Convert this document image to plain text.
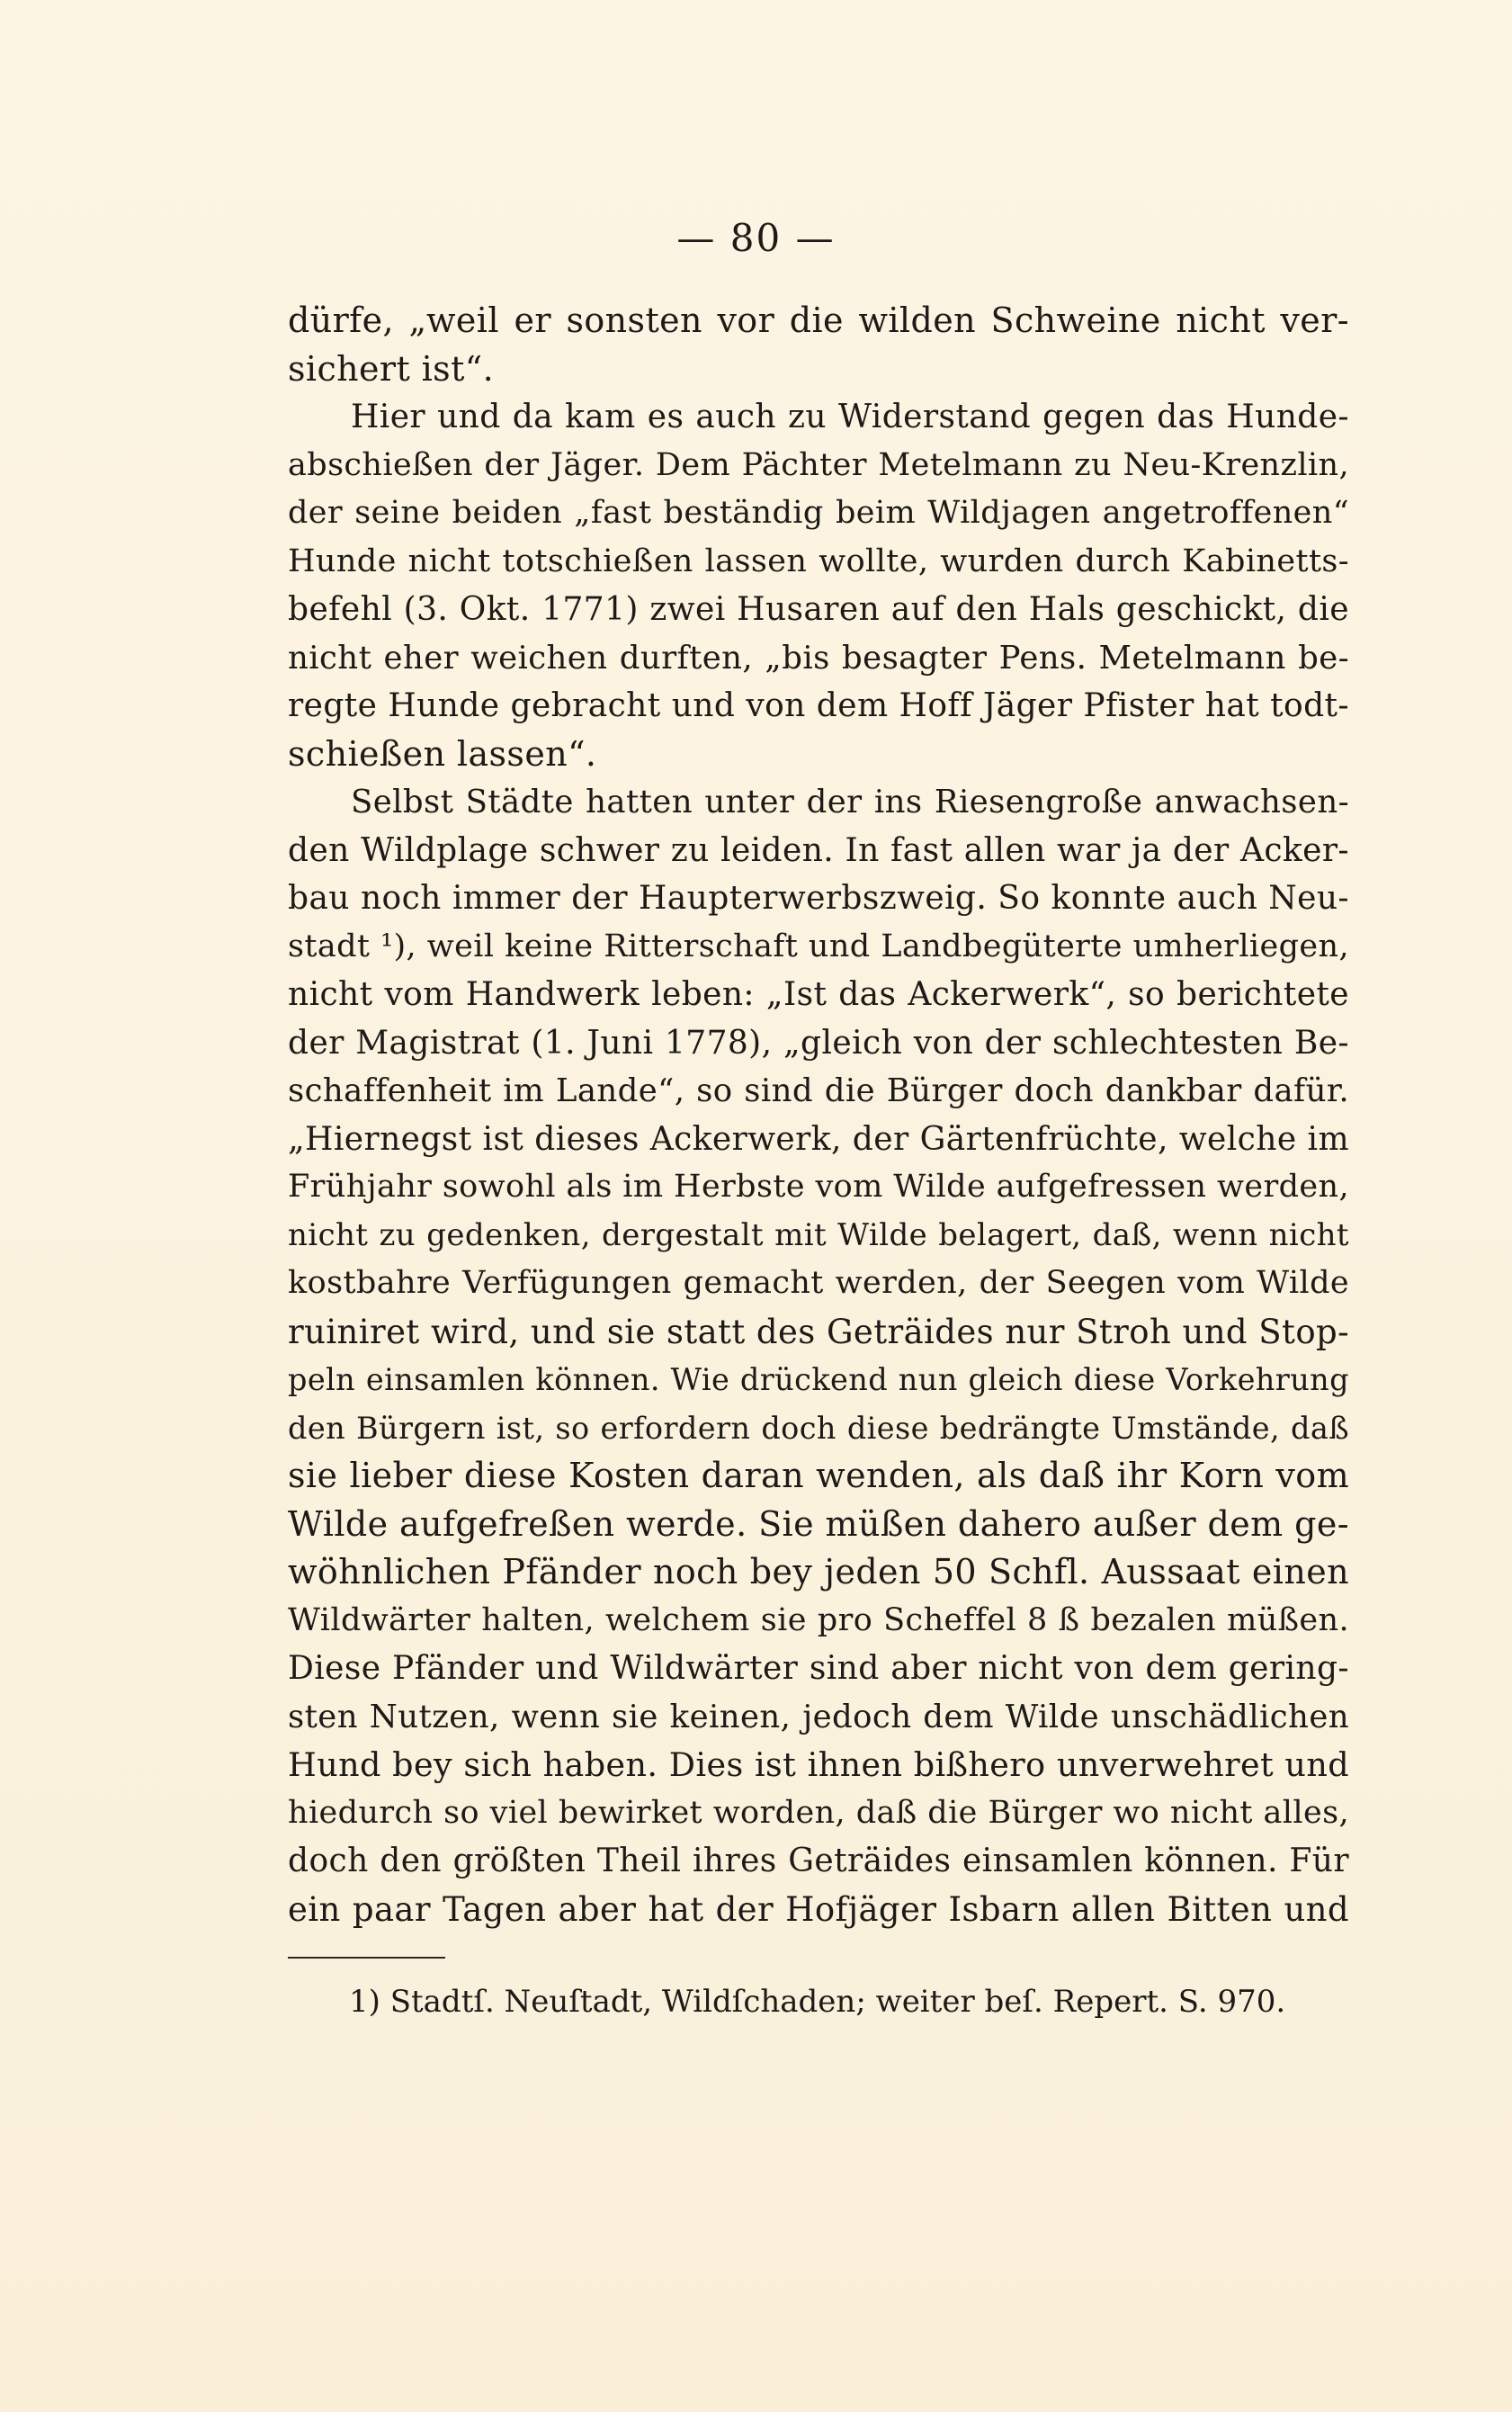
— 80 —
dürfe, „weil er sonsten vor die wilden Schweine nicht ver-
sichert ist“.
Hier und da kam es auch zu Widerstand gegen das Hunde-
abschießen der Jäger. Dem Pächter Metelmann zu Neu-Krenzlin,
der seine beiden „fast beständig beim Wildjagen angetroffenen“
Hunde nicht totschießen lassen wollte, wurden durch Kabinetts-
befehl (3. Okt. 1771) zwei Husaren auf den Hals geschickt, die
nicht eher weichen durften, „bis besagter Pens. Metelmann be-
regte Hunde gebracht und von dem Hoff Jäger Pfister hat todt-
schießen lassen“.
Selbst Städte hatten unter der ins Riesengroße anwachsen-
den Wildplage schwer zu leiden. In fast allen war ja der Acker-
bau noch immer der Haupterwerbszweig. So konnte auch Neu-
stadt ¹), weil keine Ritterschaft und Landbegüterte umherliegen,
nicht vom Handwerk leben: „Ist das Ackerwerk“, so berichtete
der Magistrat (1. Juni 1778), „gleich von der schlechtesten Be-
schaffenheit im Lande“, so sind die Bürger doch dankbar dafür.
„Hiernegst ist dieses Ackerwerk, der Gärtenfrüchte, welche im
Frühjahr sowohl als im Herbste vom Wilde aufgefressen werden,
nicht zu gedenken, dergestalt mit Wilde belagert, daß, wenn nicht
kostbahre Verfügungen gemacht werden, der Seegen vom Wilde
ruiniret wird, und sie statt des Geträides nur Stroh und Stop-
peln einsamlen können. Wie drückend nun gleich diese Vorkehrung
den Bürgern ist, so erfordern doch diese bedrängte Umstände, daß
sie lieber diese Kosten daran wenden, als daß ihr Korn vom
Wilde aufgefreßen werde. Sie müßen dahero außer dem ge-
wöhnlichen Pfänder noch bey jeden 50 Schfl. Aussaat einen
Wildwärter halten, welchem sie pro Scheffel 8 ß bezalen müßen.
Diese Pfänder und Wildwärter sind aber nicht von dem gering-
sten Nutzen, wenn sie keinen, jedoch dem Wilde unschädlichen
Hund bey sich haben. Dies ist ihnen bißhero unverwehret und
hiedurch so viel bewirket worden, daß die Bürger wo nicht alles,
doch den größten Theil ihres Geträides einsamlen können. Für
ein paar Tagen aber hat der Hofjäger Isbarn allen Bitten und
1) Stadtſ. Neuſtadt, Wildſchaden; weiter beſ. Repert. S. 970.
